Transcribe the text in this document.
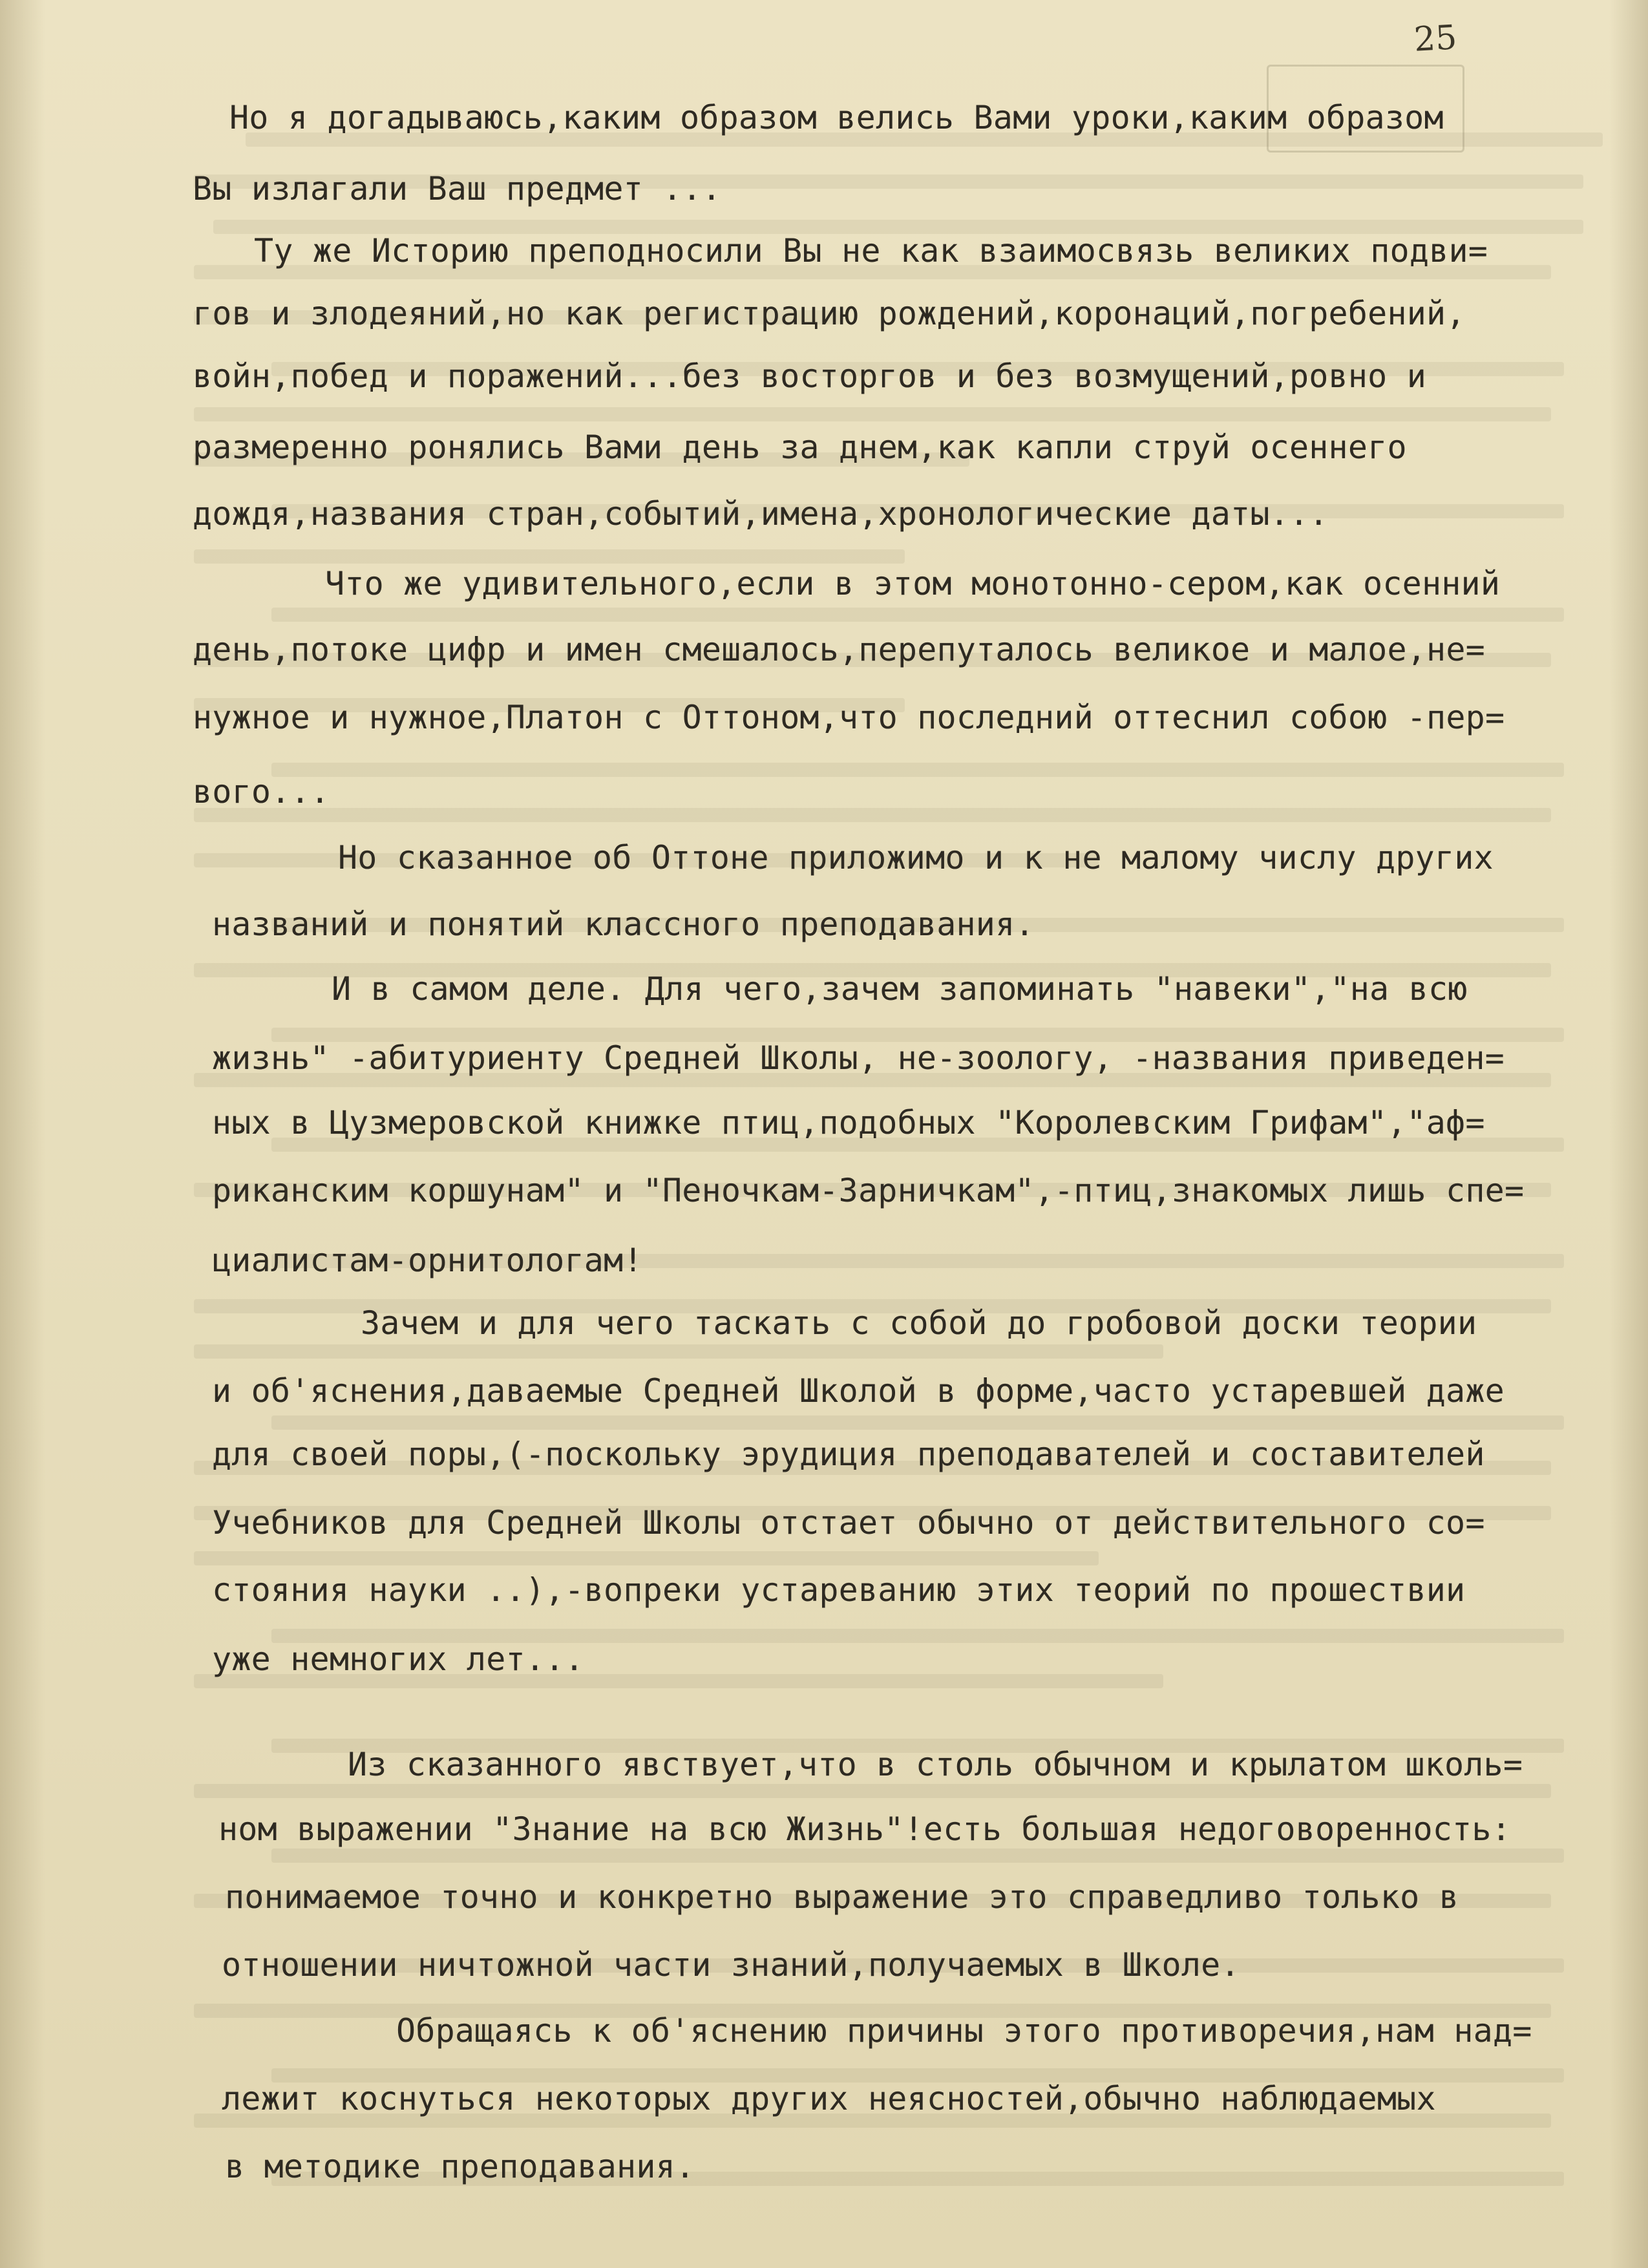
25
Но я догадываюсь,каким образом велись Вами уроки,каким образом
Вы излагали Ваш предмет ...
Ту же Историю преподносили Вы не как взаимосвязь великих подви=
гов и злодеяний,но как регистрацию рождений,коронаций,погребений,
войн,побед и поражений...без восторгов и без возмущений,ровно и
размеренно ронялись Вами день за днем,как капли струй осеннего
дождя,названия стран,событий,имена,хронологические даты...
Что же удивительного,если в этом монотонно-сером,как осенний
день,потоке цифр и имен смешалось,перепуталось великое и малое,не=
нужное и нужное,Платон с Оттоном,что последний оттеснил собою -пер=
вого...
Но сказанное об Оттоне приложимо и к не малому числу других
названий и понятий классного преподавания.
И в самом деле. Для чего,зачем запоминать "навеки","на всю
жизнь" -абитуриенту Средней Школы, не-зоологу, -названия приведен=
ных в Цузмеровской книжке птиц,подобных "Королевским Грифам","аф=
риканским коршунам" и "Пеночкам-Зарничкам",-птиц,знакомых лишь спе=
циалистам-орнитологам!
Зачем и для чего таскать с собой до гробовой доски теории
и об'яснения,даваемые Средней Школой в форме,часто устаревшей даже
для своей поры,(-поскольку эрудиция преподавателей и составителей
Учебников для Средней Школы отстает обычно от действительного со=
стояния науки ..),-вопреки устареванию этих теорий по прошествии
уже немногих лет...
Из сказанного явствует,что в столь обычном и крылатом школь=
ном выражении "Знание на всю Жизнь"!есть большая недоговоренность:
понимаемое точно и конкретно выражение это справедливо только в
отношении ничтожной части знаний,получаемых в Школе.
Обращаясь к об'яснению причины этого противоречия,нам над=
лежит коснуться некоторых других неясностей,обычно наблюдаемых
в методике преподавания.
